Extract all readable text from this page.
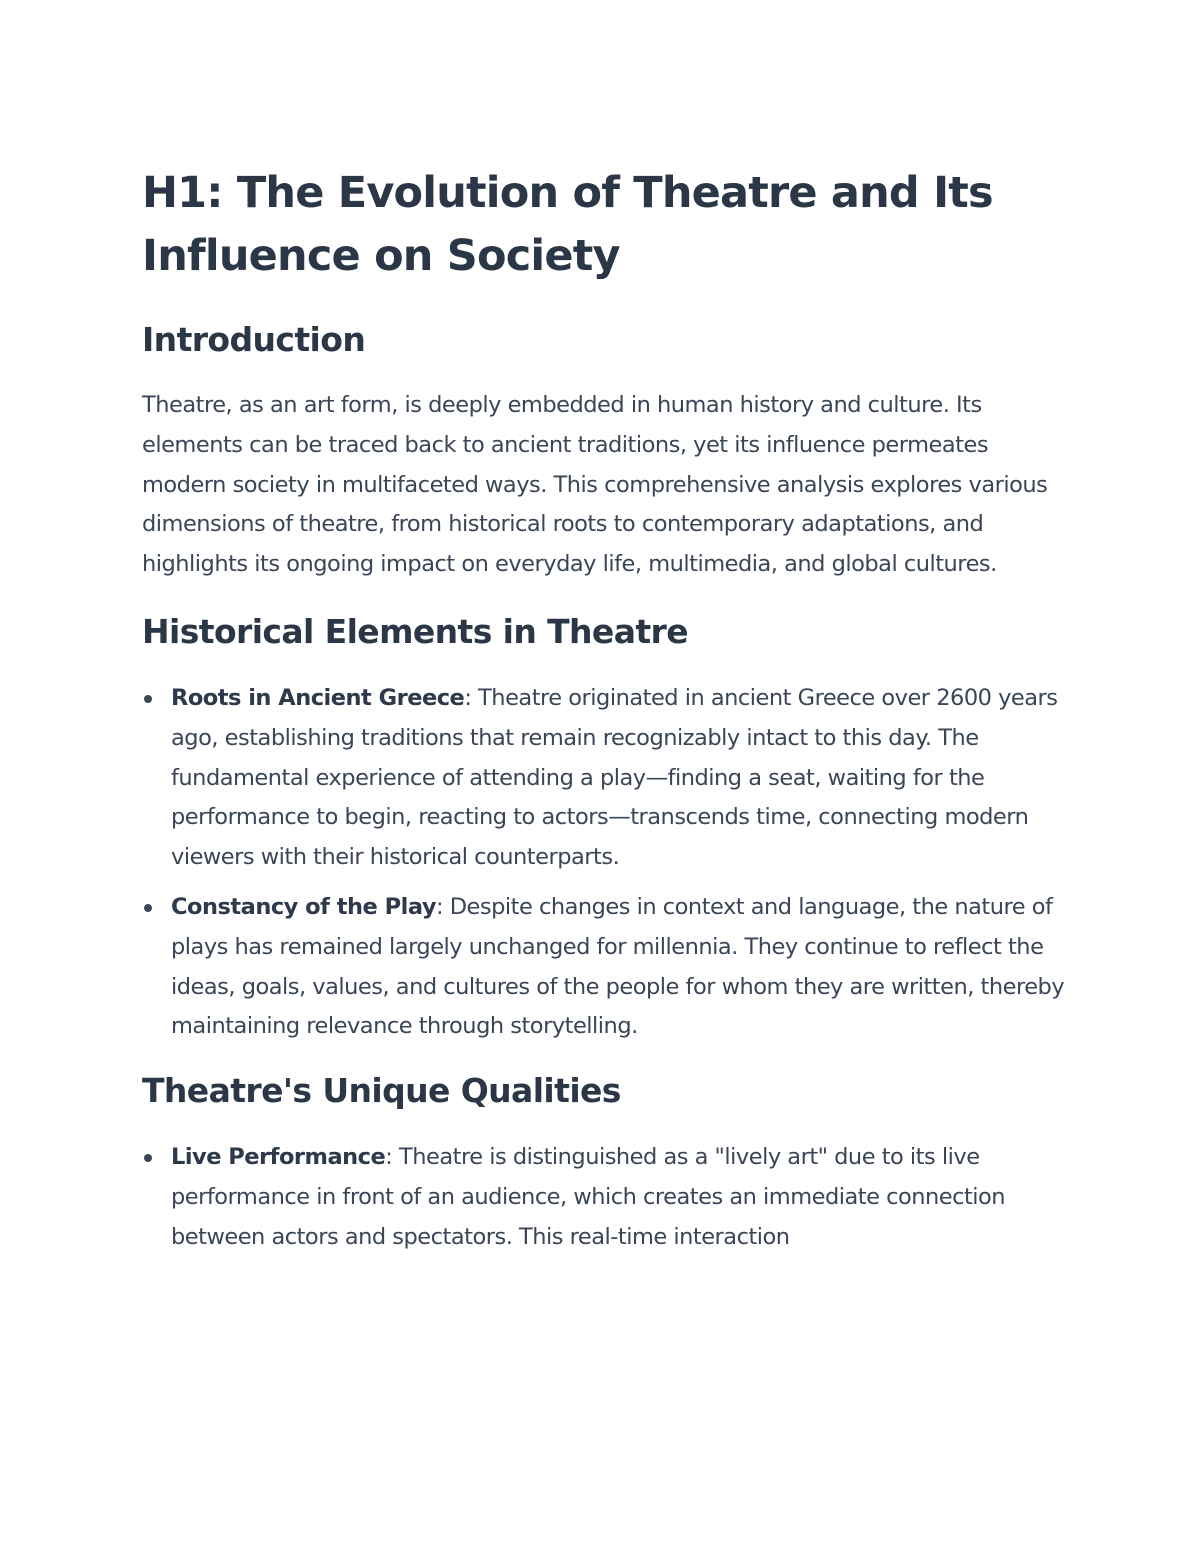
H1: The Evolution of Theatre and Its Influence on Society
Introduction

Theatre, as an art form, is deeply embedded in human history and culture. Its elements can be traced back to ancient traditions, yet its influence permeates modern society in multifaceted ways. This comprehensive analysis explores various dimensions of theatre, from historical roots to contemporary adaptations, and highlights its ongoing impact on everyday life, multimedia, and global cultures.

Historical Elements in Theatre
Roots in Ancient Greece: Theatre originated in ancient Greece over 2600 years ago, establishing traditions that remain recognizably intact to this day. The fundamental experience of attending a play—finding a seat, waiting for the performance to begin, reacting to actors—transcends time, connecting modern viewers with their historical counterparts.
Constancy of the Play: Despite changes in context and language, the nature of plays has remained largely unchanged for millennia. They continue to reflect the ideas, goals, values, and cultures of the people for whom they are written, thereby maintaining relevance through storytelling.
Theatre's Unique Qualities
Live Performance: Theatre is distinguished as a "lively art" due to its live performance in front of an audience, which creates an immediate connection between actors and spectators. This real-time interaction
